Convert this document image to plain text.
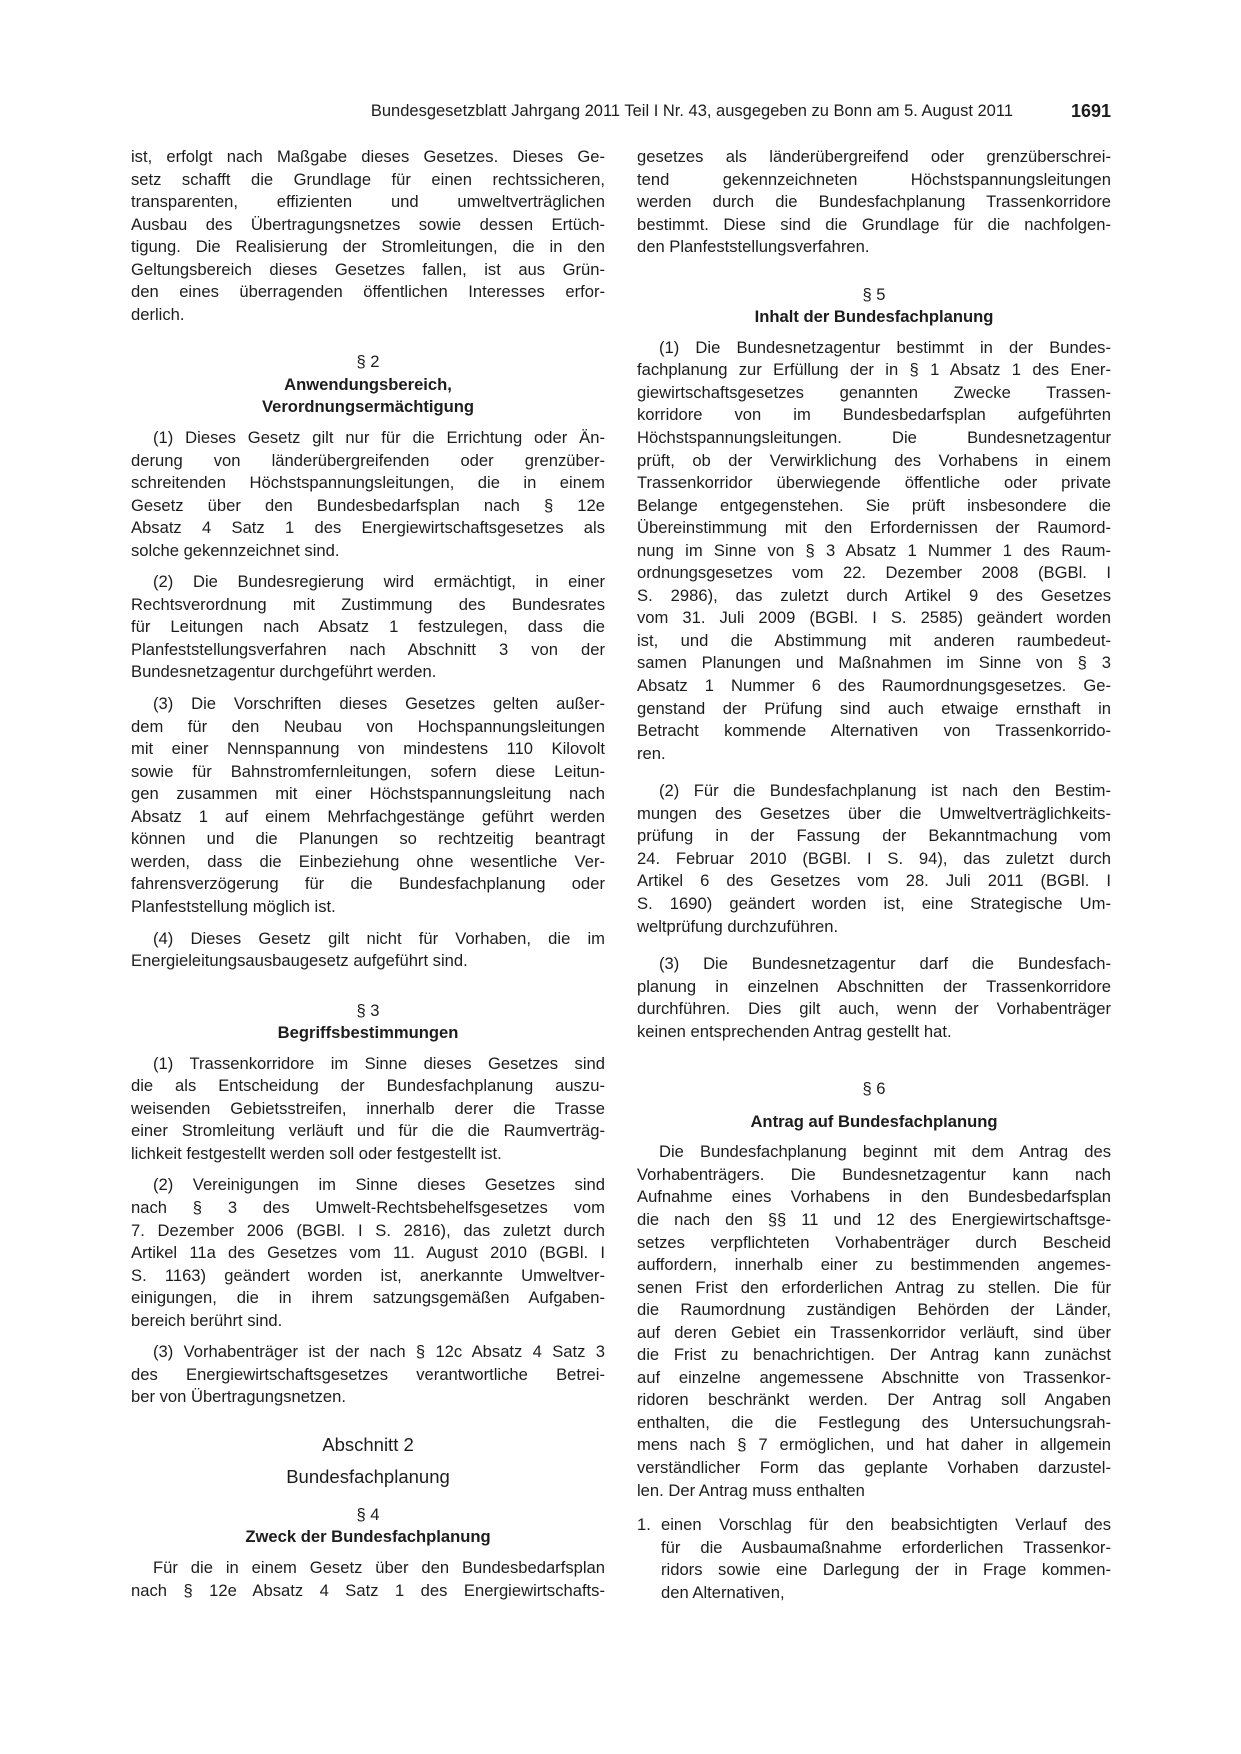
Bundesgesetzblatt Jahrgang 2011 Teil I Nr. 43, ausgegeben zu Bonn am 5. August 2011	1691
ist, erfolgt nach Maßgabe dieses Gesetzes. Dieses Ge-
setz schafft die Grundlage für einen rechtssicheren,
transparenten, effizienten und umweltverträglichen
Ausbau des Übertragungsnetzes sowie dessen Ertüch-
tigung. Die Realisierung der Stromleitungen, die in den
Geltungsbereich dieses Gesetzes fallen, ist aus Grün-
den eines überragenden öffentlichen Interesses erfor-
derlich.

§ 2

Anwendungsbereich,

Verordnungsermächtigung

(1) Dieses Gesetz gilt nur für die Errichtung oder Än-
derung von länderübergreifenden oder grenzüber-
schreitenden Höchstspannungsleitungen, die in einem
Gesetz über den Bundesbedarfsplan nach § 12e
Absatz 4 Satz 1 des Energiewirtschaftsgesetzes als
solche gekennzeichnet sind.
(2) Die Bundesregierung wird ermächtigt, in einer
Rechtsverordnung mit Zustimmung des Bundesrates
für Leitungen nach Absatz 1 festzulegen, dass die
Planfeststellungsverfahren nach Abschnitt 3 von der
Bundesnetzagentur durchgeführt werden.
(3) Die Vorschriften dieses Gesetzes gelten außer-
dem für den Neubau von Hochspannungsleitungen
mit einer Nennspannung von mindestens 110 Kilovolt
sowie für Bahnstromfernleitungen, sofern diese Leitun-
gen zusammen mit einer Höchstspannungsleitung nach
Absatz 1 auf einem Mehrfachgestänge geführt werden
können und die Planungen so rechtzeitig beantragt
werden, dass die Einbeziehung ohne wesentliche Ver-
fahrensverzögerung für die Bundesfachplanung oder
Planfeststellung möglich ist.
(4) Dieses Gesetz gilt nicht für Vorhaben, die im
Energieleitungsausbaugesetz aufgeführt sind.

§ 3

Begriffsbestimmungen

(1) Trassenkorridore im Sinne dieses Gesetzes sind
die als Entscheidung der Bundesfachplanung auszu-
weisenden Gebietsstreifen, innerhalb derer die Trasse
einer Stromleitung verläuft und für die die Raumverträg-
lichkeit festgestellt werden soll oder festgestellt ist.
(2) Vereinigungen im Sinne dieses Gesetzes sind
nach § 3 des Umwelt-Rechtsbehelfsgesetzes vom
7. Dezember 2006 (BGBl. I S. 2816), das zuletzt durch
Artikel 11a des Gesetzes vom 11. August 2010 (BGBl. I
S. 1163) geändert worden ist, anerkannte Umweltver-
einigungen, die in ihrem satzungsgemäßen Aufgaben-
bereich berührt sind.
(3) Vorhabenträger ist der nach § 12c Absatz 4 Satz 3
des Energiewirtschaftsgesetzes verantwortliche Betrei-
ber von Übertragungsnetzen.

Abschnitt 2

Bundesfachplanung

§ 4

Zweck der Bundesfachplanung

Für die in einem Gesetz über den Bundesbedarfsplan
nach § 12e Absatz 4 Satz 1 des Energiewirtschafts-
gesetzes als länderübergreifend oder grenzüberschrei-
tend gekennzeichneten Höchstspannungsleitungen
werden durch die Bundesfachplanung Trassenkorridore
bestimmt. Diese sind die Grundlage für die nachfolgen-
den Planfeststellungsverfahren.

§ 5

Inhalt der Bundesfachplanung

(1) Die Bundesnetzagentur bestimmt in der Bundes-
fachplanung zur Erfüllung der in § 1 Absatz 1 des Ener-
giewirtschaftsgesetzes genannten Zwecke Trassen-
korridore von im Bundesbedarfsplan aufgeführten
Höchstspannungsleitungen. Die Bundesnetzagentur
prüft, ob der Verwirklichung des Vorhabens in einem
Trassenkorridor überwiegende öffentliche oder private
Belange entgegenstehen. Sie prüft insbesondere die
Übereinstimmung mit den Erfordernissen der Raumord-
nung im Sinne von § 3 Absatz 1 Nummer 1 des Raum-
ordnungsgesetzes vom 22. Dezember 2008 (BGBl. I
S. 2986), das zuletzt durch Artikel 9 des Gesetzes
vom 31. Juli 2009 (BGBl. I S. 2585) geändert worden
ist, und die Abstimmung mit anderen raumbedeut-
samen Planungen und Maßnahmen im Sinne von § 3
Absatz 1 Nummer 6 des Raumordnungsgesetzes. Ge-
genstand der Prüfung sind auch etwaige ernsthaft in
Betracht kommende Alternativen von Trassenkorrido-
ren.
(2) Für die Bundesfachplanung ist nach den Bestim-
mungen des Gesetzes über die Umweltverträglichkeits-
prüfung in der Fassung der Bekanntmachung vom
24. Februar 2010 (BGBl. I S. 94), das zuletzt durch
Artikel 6 des Gesetzes vom 28. Juli 2011 (BGBl. I
S. 1690) geändert worden ist, eine Strategische Um-
weltprüfung durchzuführen.
(3) Die Bundesnetzagentur darf die Bundesfach-
planung in einzelnen Abschnitten der Trassenkorridore
durchführen. Dies gilt auch, wenn der Vorhabenträger
keinen entsprechenden Antrag gestellt hat.

§ 6

Antrag auf Bundesfachplanung

Die Bundesfachplanung beginnt mit dem Antrag des
Vorhabenträgers. Die Bundesnetzagentur kann nach
Aufnahme eines Vorhabens in den Bundesbedarfsplan
die nach den §§ 11 und 12 des Energiewirtschaftsge-
setzes verpflichteten Vorhabenträger durch Bescheid
auffordern, innerhalb einer zu bestimmenden angemes-
senen Frist den erforderlichen Antrag zu stellen. Die für
die Raumordnung zuständigen Behörden der Länder,
auf deren Gebiet ein Trassenkorridor verläuft, sind über
die Frist zu benachrichtigen. Der Antrag kann zunächst
auf einzelne angemessene Abschnitte von Trassenkor-
ridoren beschränkt werden. Der Antrag soll Angaben
enthalten, die die Festlegung des Untersuchungsrah-
mens nach § 7 ermöglichen, und hat daher in allgemein
verständlicher Form das geplante Vorhaben darzustel-
len. Der Antrag muss enthalten
1. einen Vorschlag für den beabsichtigten Verlauf des
für die Ausbaumaßnahme erforderlichen Trassenkor-
ridors sowie eine Darlegung der in Frage kommen-
den Alternativen,
